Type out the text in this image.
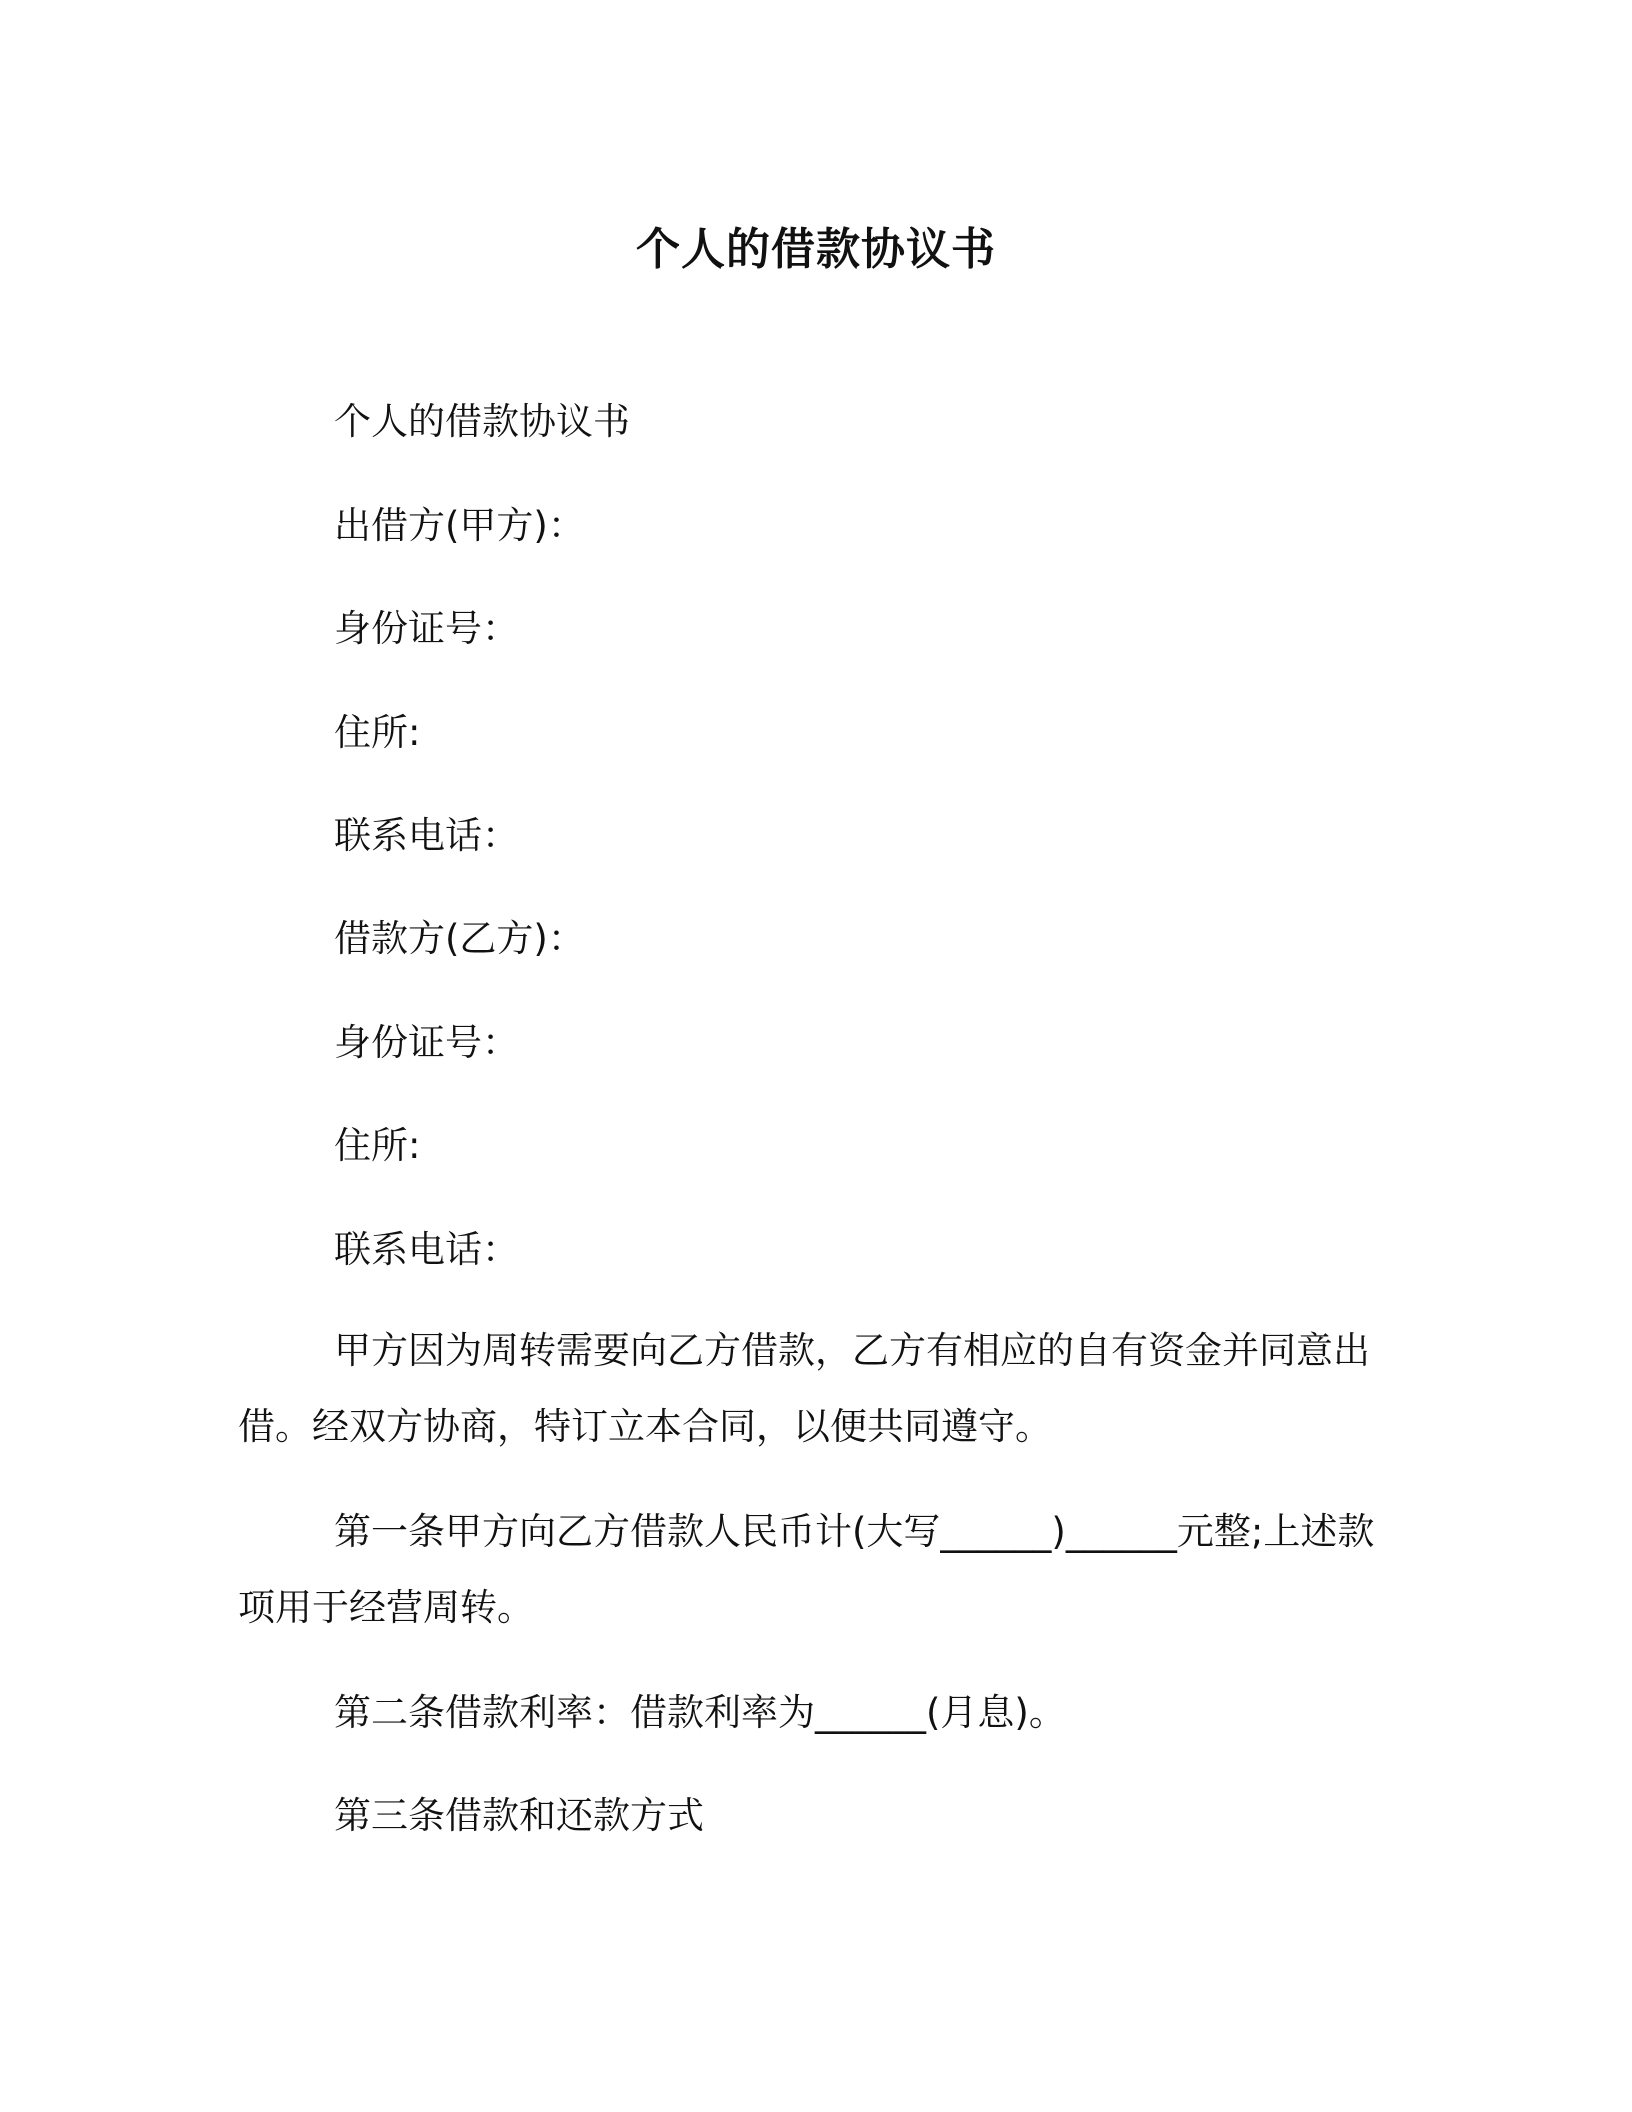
个人的借款协议书
个人的借款协议书
出借方(甲方)：
身份证号：
住所:
联系电话：
借款方(乙方)：
身份证号：
住所:
联系电话：

甲方因为周转需要向乙方借款，乙方有相应的自有资金并同意出借。经双方协商，特订立本合同，以便共同遵守。

第一条甲方向乙方借款人民币计(大写______)______元整;上述款项用于经营周转。

第二条借款利率：借款利率为______(月息)。

第三条借款和还款方式
